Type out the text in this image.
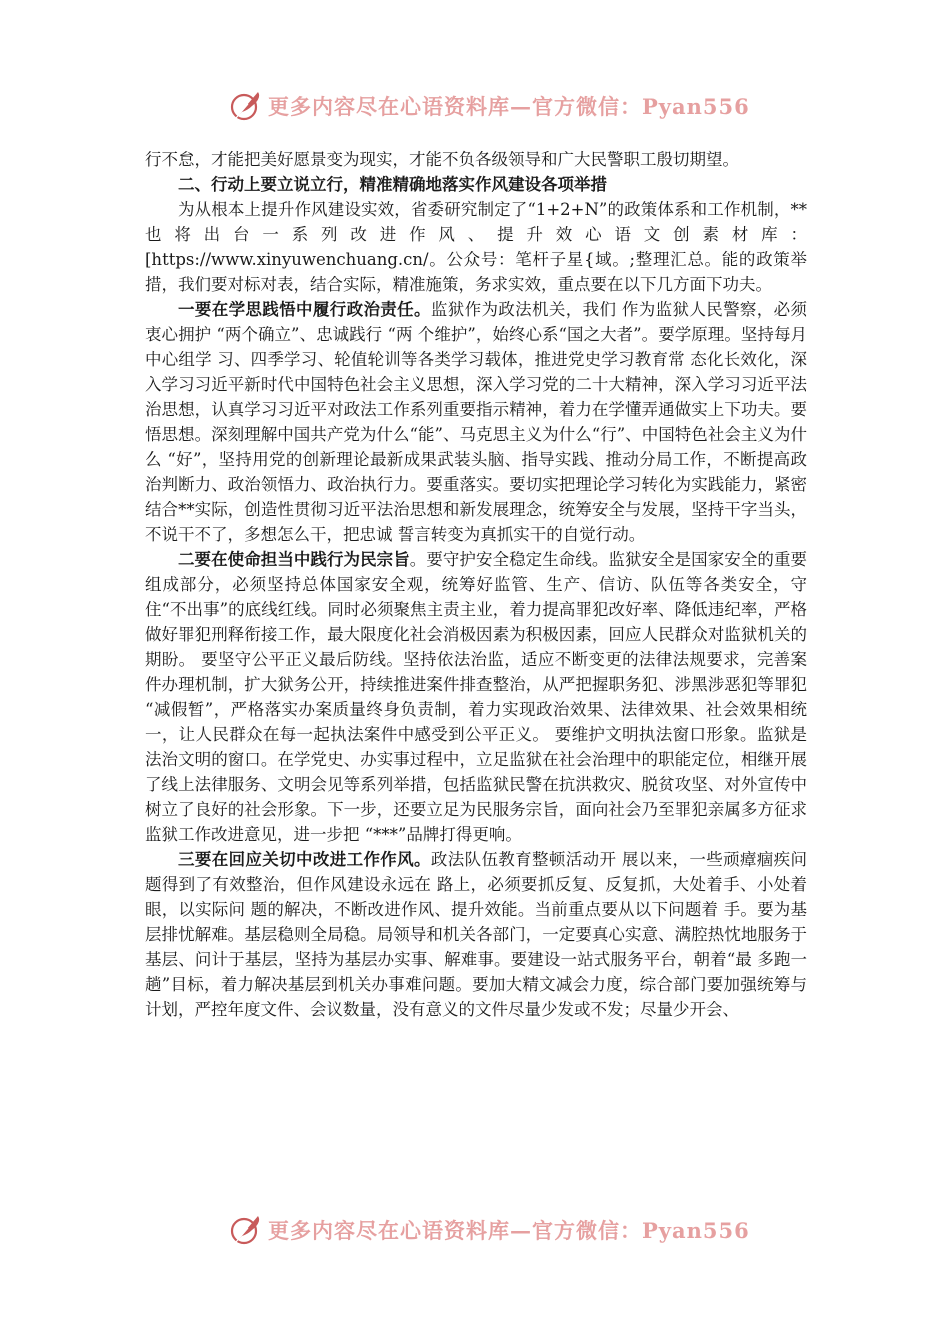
更多内容尽在心语资料库—官方微信：Pyan556

行不怠，才能把美好愿景变为现实，才能不负各级领导和广大民警职工殷切期望。

二、行动上要立说立行，精准精确地落实作风建设各项举措

为从根本上提升作风建设实效，省委研究制定了“1+2+N”的政策体系和工作机制，**也将出台一系列改进作风、提升效心语文创素材库：[https://www.xinyuwenchuang.cn/。公众号：笔杆子星{域。;整理汇总。能的政策举措，我们要对标对表，结合实际，精准施策，务求实效，重点要在以下几方面下功夫。

一要在学思践悟中履行政治责任。监狱作为政法机关，我们 作为监狱人民警察，必须衷心拥护 “两个确立”、忠诚践行 “两 个维护”，始终心系“国之大者”。要学原理。坚持每月中心组学 习、四季学习、轮值轮训等各类学习载体，推进党史学习教育常 态化长效化，深入学习习近平新时代中国特色社会主义思想，深入学习党的二十大精神，深入学习习近平法治思想，认真学习习近平对政法工作系列重要指示精神，着力在学懂弄通做实上下功夫。要悟思想。深刻理解中国共产党为什么“能”、马克思主义为什么“行”、中国特色社会主义为什么 “好”，坚持用党的创新理论最新成果武装头脑、指导实践、推动分局工作，不断提高政治判断力、政治领悟力、政治执行力。要重落实。要切实把理论学习转化为实践能力，紧密结合**实际，创造性贯彻习近平法治思想和新发展理念，统筹安全与发展，坚持干字当头，不说干不了，多想怎么干，把忠诚 誓言转变为真抓实干的自觉行动。

二要在使命担当中践行为民宗旨。要守护安全稳定生命线。监狱安全是国家安全的重要组成部分，必须坚持总体国家安全观，统筹好监管、生产、信访、队伍等各类安全，守住“不出事”的底线红线。同时必须聚焦主责主业，着力提高罪犯改好率、降低违纪率，严格做好罪犯刑释衔接工作，最大限度化社会消极因素为积极因素，回应人民群众对监狱机关的期盼。 要坚守公平正义最后防线。坚持依法治监，适应不断变更的法律法规要求，完善案件办理机制，扩大狱务公开，持续推进案件排查整治，从严把握职务犯、涉黑涉恶犯等罪犯 “减假暂”，严格落实办案质量终身负责制，着力实现政治效果、法律效果、社会效果相统一，让人民群众在每一起执法案件中感受到公平正义。 要维护文明执法窗口形象。监狱是法治文明的窗口。在学党史、办实事过程中，立足监狱在社会治理中的职能定位，相继开展了线上法律服务、文明会见等系列举措，包括监狱民警在抗洪救灾、脱贫攻坚、对外宣传中树立了良好的社会形象。下一步，还要立足为民服务宗旨，面向社会乃至罪犯亲属多方征求监狱工作改进意见，进一步把 “***”品牌打得更响。

三要在回应关切中改进工作作风。政法队伍教育整顿活动开 展以来，一些顽瘴痼疾问题得到了有效整治，但作风建设永远在 路上，必须要抓反复、反复抓，大处着手、小处着眼，以实际问 题的解决，不断改进作风、提升效能。当前重点要从以下问题着 手。要为基层排忧解难。基层稳则全局稳。局领导和机关各部门，一定要真心实意、满腔热忱地服务于基层、问计于基层，坚持为基层办实事、解难事。要建设一站式服务平台，朝着“最 多跑一趟”目标，着力解决基层到机关办事难问题。要加大精文减会力度，综合部门要加强统筹与计划，严控年度文件、会议数量，没有意义的文件尽量少发或不发；尽量少开会、

更多内容尽在心语资料库—官方微信：Pyan556
